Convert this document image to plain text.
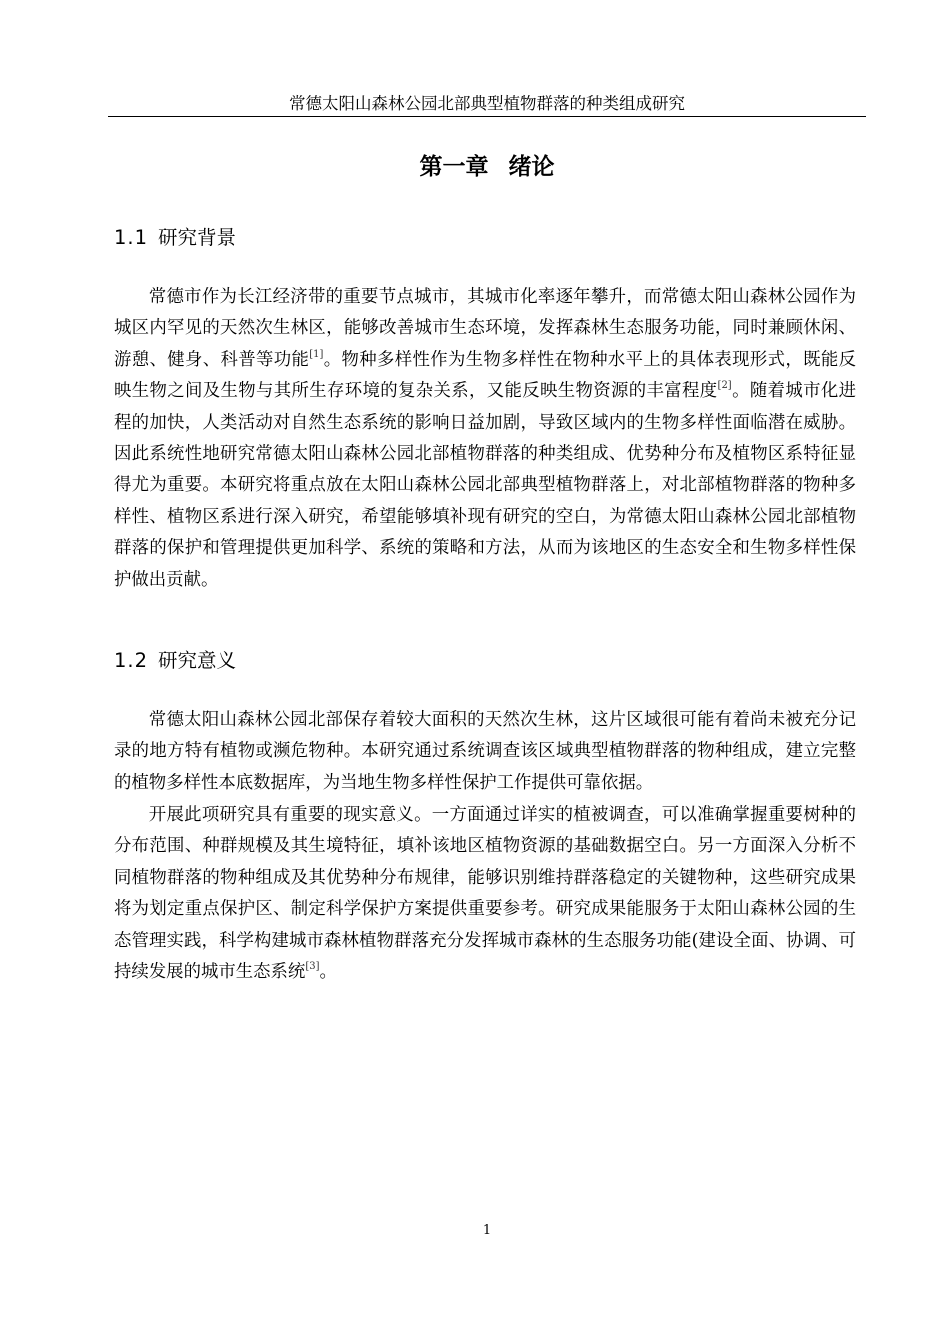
常德太阳山森林公园北部典型植物群落的种类组成研究
第一章 绪论
1.1 研究背景

常德市作为长江经济带的重要节点城市，其城市化率逐年攀升，而常德太阳山森林公园作为城区内罕见的天然次生林区，能够改善城市生态环境，发挥森林生态服务功能，同时兼顾休闲、游憩、健身、科普等功能[1]。物种多样性作为生物多样性在物种水平上的具体表现形式，既能反映生物之间及生物与其所生存环境的复杂关系，又能反映生物资源的丰富程度[2]。随着城市化进程的加快，人类活动对自然生态系统的影响日益加剧，导致区域内的生物多样性面临潜在威胁。因此系统性地研究常德太阳山森林公园北部植物群落的种类组成、优势种分布及植物区系特征显得尤为重要。本研究将重点放在太阳山森林公园北部典型植物群落上，对北部植物群落的物种多样性、植物区系进行深入研究，希望能够填补现有研究的空白，为常德太阳山森林公园北部植物群落的保护和管理提供更加科学、系统的策略和方法，从而为该地区的生态安全和生物多样性保护做出贡献。

1.2 研究意义

常德太阳山森林公园北部保存着较大面积的天然次生林，这片区域很可能有着尚未被充分记录的地方特有植物或濒危物种。本研究通过系统调查该区域典型植物群落的物种组成，建立完整的植物多样性本底数据库，为当地生物多样性保护工作提供可靠依据。

开展此项研究具有重要的现实意义。一方面通过详实的植被调查，可以准确掌握重要树种的分布范围、种群规模及其生境特征，填补该地区植物资源的基础数据空白。另一方面深入分析不同植物群落的物种组成及其优势种分布规律，能够识别维持群落稳定的关键物种，这些研究成果将为划定重点保护区、制定科学保护方案提供重要参考。研究成果能服务于太阳山森林公园的生态管理实践，科学构建城市森林植物群落充分发挥城市森林的生态服务功能(建设全面、协调、可持续发展的城市生态系统[3]。

1
